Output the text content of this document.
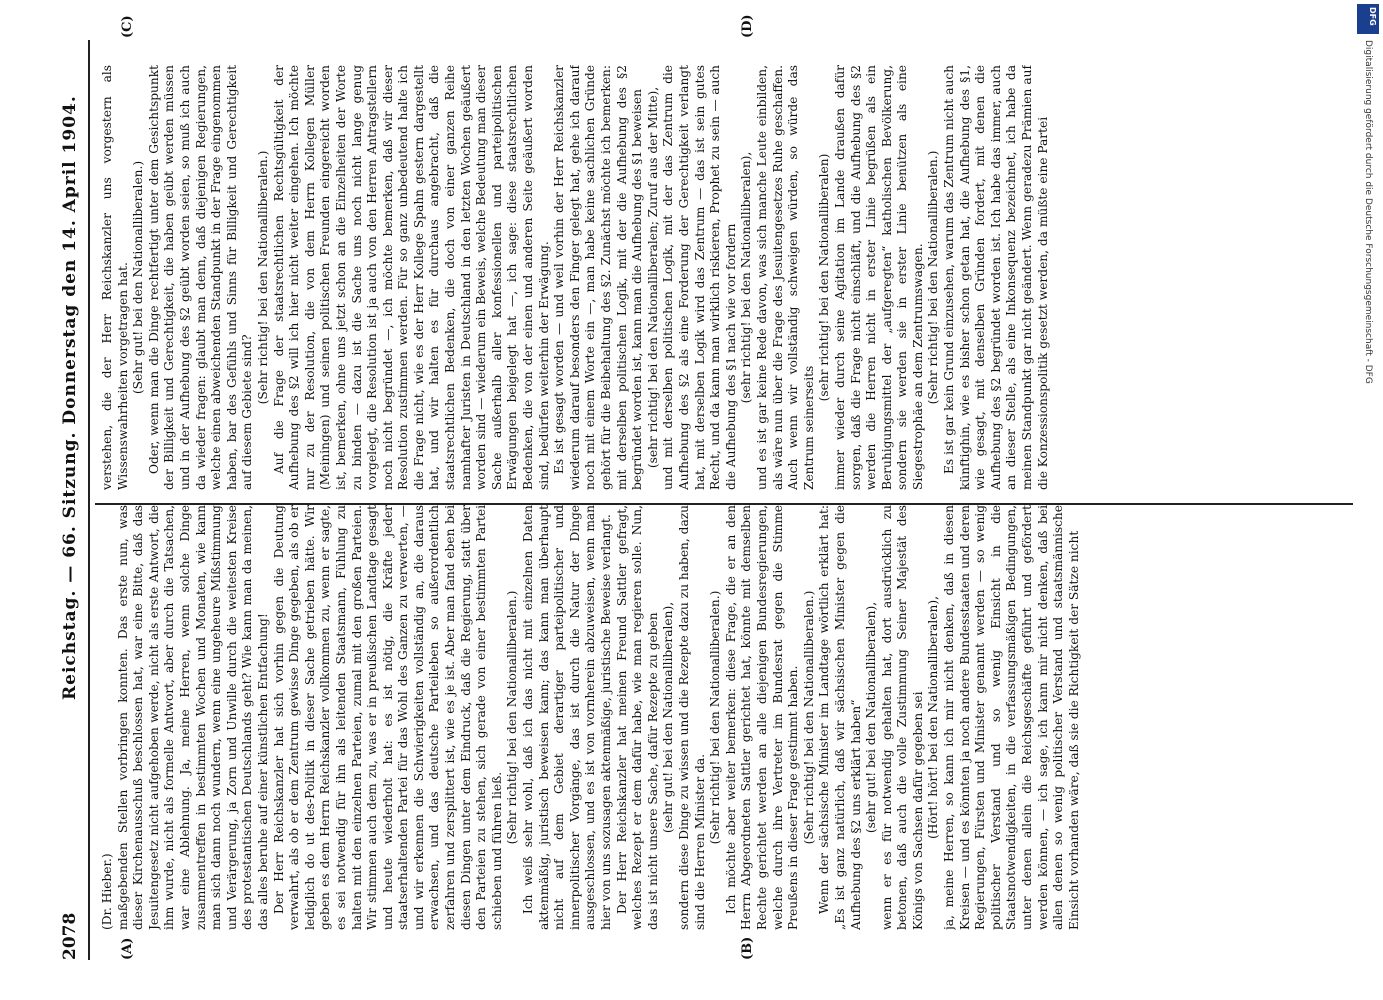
2078
Reichstag. — 66. Sitzung. Donnerstag den 14. April 1904.
(A)	(B)
(C)	(D)

(Dr. Hieber.) maßgebenden Stellen vorbringen konnten. Das erste nun, was dieser Kirchenausschuß beschlossen hat, war eine Bitte, daß das Jesuitengesetz nicht aufgehoben werde, nicht als erste Antwort, die ihm wurde, nicht als formelle Antwort, aber durch die Tatsachen, war eine Ablehnung. Ja, meine Herren, wenn solche Dinge zusammentreffen in bestimmten Wochen und Monaten, wie kann man sich dann noch wundern, wenn eine ungeheure Mißstimmung und Verärgerung, ja Zorn und Unwille durch die weitesten Kreise des protestantischen Deutschlands geht? Wie kann man da meinen, das alles beruhe auf einer künstlichen Entfachung! Der Herr Reichskanzler hat sich vorhin gegen die Deutung verwahrt, als ob er dem Zentrum gewisse Dinge gegeben, als ob er lediglich do ut des-Politik in dieser Sache getrieben hätte. Wir geben es dem Herrn Reichskanzler vollkommen zu, wenn er sagte, es sei notwendig für ihn als leitenden Staatsmann, Fühlung zu halten mit den einzelnen Parteien, zumal mit den großen Parteien. Wir stimmen auch dem zu, was er in preußischen Landtage gesagt und heute wiederholt hat: es ist nötig, die Kräfte jeder staatserhaltenden Partei für das Wohl des Ganzen zu verwerten, — und wir erkennen die Schwierigkeiten vollständig an, die daraus erwachsen, und das deutsche Parteileben so außerordentlich zerfahren und zersplittert ist, wie es je ist. Aber man fand eben bei diesen Dingen unter dem Eindruck, daß die Regierung, statt über den Parteien zu stehen, sich gerade von einer bestimmten Partei schieben und führen ließ.

(Sehr richtig! bei den Nationalliberalen.) Ich weiß sehr wohl, daß ich das nicht mit einzelnen Daten aktenmäßig, juristisch beweisen kann; das kann man überhaupt nicht auf dem Gebiet derartiger parteipolitischer und innerpolitischer Vorgänge, das ist durch die Natur der Dinge ausgeschlossen, und es ist von vornherein abzuweisen, wenn man hier von uns sozusagen aktenmäßige, juristische Beweise verlangt. Der Herr Reichskanzler hat meinen Freund Sattler gefragt, welches Rezept er dem dafür habe, wie man regieren solle. Nun, das ist nicht unsere Sache, dafür Rezepte zu geben (sehr gut! bei den Nationalliberalen), sondern diese Dinge zu wissen und die Rezepte dazu zu haben, dazu sind die Herren Minister da. (Sehr richtig! bei den Nationalliberalen.) Ich möchte aber weiter bemerken: diese Frage, die er an den Herrn Abgeordneten Sattler gerichtet hat, könnte mit demselben Rechte gerichtet werden an alle diejenigen Bundesregierungen, welche durch ihre Vertreter im Bundesrat gegen die Stimme Preußens in dieser Frage gestimmt haben. (Sehr richtig! bei den Nationalliberalen.) Wenn der sächsische Minister im Landtage wörtlich erklärt hat: „Es ist ganz natürlich, daß wir sächsischen Minister gegen die Aufhebung des §2 uns erklärt haben“ (sehr gut! bei den Nationalliberalen), wenn er es für notwendig gehalten hat, dort ausdrücklich zu betonen, daß auch die volle Zustimmung Seiner Majestät des Königs von Sachsen dafür gegeben sei (Hört! hört! bei den Nationalliberalen), ja, meine Herren, so kann ich mir nicht denken, daß in diesen Kreisen — und es könnten ja noch andere Bundesstaaten und deren Regierungen, Fürsten und Minister genannt werden — so wenig politischer Verstand und so wenig Einsicht in die Staatsnotwendigkeiten, in die verfassungsmäßigen Bedingungen, unter denen allein die Reichsgeschäfte geführt und gefördert werden können, — ich sage, ich kann mir nicht denken, daß bei allen denen so wenig politischer Verstand und staatsmännische Einsicht vorhanden wäre, daß sie die Richtigkeit der Sätze nicht

verstehen, die der Herr Reichskanzler uns vorgestern als Wissenswahrheiten vorgetragen hat. (Sehr gut! bei den Nationalliberalen.) Oder, wenn man die Dinge rechtfertigt unter dem Gesichtspunkt der Billigkeit und Gerechtigkeit, die haben geübt werden müssen und in der Aufhebung des §2 geübt worden seien, so muß ich auch da wieder fragen: glaubt man denn, daß diejenigen Regierungen, welche einen abweichenden Standpunkt in der Frage eingenommen haben, bar des Gefühls und Sinns für Billigkeit und Gerechtigkeit auf diesem Gebiete sind?

(Sehr richtig! bei den Nationalliberalen.) Auf die Frage der staatsrechtlichen Rechtsgültigkeit der Aufhebung des §2 will ich hier nicht weiter eingehen. Ich möchte nur zu der Resolution, die von dem Herrn Kollegen Müller (Meiningen) und seinen politischen Freunden eingereicht worden ist, bemerken, ohne uns jetzt schon an die Einzelheiten der Worte zu binden — dazu ist die Sache uns noch nicht lange genug vorgelegt, die Resolution ist ja auch von den Herren Antragstellern noch nicht begründet —, ich möchte bemerken, daß wir dieser Resolution zustimmen werden. Für so ganz unbedeutend halte ich die Frage nicht, wie es der Herr Kollege Spahn gestern dargestellt hat, und wir halten es für durchaus angebracht, daß die staatsrechtlichen Bedenken, die doch von einer ganzen Reihe namhafter Juristen in Deutschland in den letzten Wochen geäußert worden sind — wiederum ein Beweis, welche Bedeutung man dieser Sache außerhalb aller konfessionellen und parteipolitischen Erwägungen beigelegt hat —, ich sage: diese staatsrechtlichen Bedenken, die von der einen und anderen Seite geäußert worden sind, bedürfen weiterhin der Erwägung. Es ist gesagt worden — und weil vorhin der Herr Reichskanzler wiederum darauf besonders den Finger gelegt hat, gehe ich darauf noch mit einem Worte ein —, man habe keine sachlichen Gründe gehört für die Beibehaltung des §2. Zunächst möchte ich bemerken: mit derselben politischen Logik, mit der die Aufhebung des §2 begründet worden ist, kann man die Aufhebung des §1 beweisen (sehr richtig! bei den Nationalliberalen; Zuruf aus der Mitte), und mit derselben politischen Logik, mit der das Zentrum die Aufhebung des §2 als eine Forderung der Gerechtigkeit verlangt hat, mit derselben Logik wird das Zentrum — das ist sein gutes Recht, und da kann man wirklich riskieren, Prophet zu sein — auch die Aufhebung des §1 nach wie vor fordern (sehr richtig! bei den Nationalliberalen), und es ist gar keine Rede davon, was sich manche Leute einbilden, als wäre nun über die Frage des Jesuitengesetzes Ruhe geschaffen. Auch wenn wir vollständig schweigen würden, so würde das Zentrum seinerseits

(sehr richtig! bei den Nationalliberalen) immer wieder durch seine Agitation im Lande draußen dafür sorgen, daß die Frage nicht einschläft, und die Aufhebung des §2 werden die Herren nicht in erster Linie begrüßen als ein Beruhigungsmittel der „aufgeregten“ katholischen Bevölkerung, sondern sie werden sie in erster Linie benützen als eine Siegestrophäe an dem Zentrumswagen. (Sehr richtig! bei den Nationalliberalen.) Es ist gar kein Grund einzusehen, warum das Zentrum nicht auch künftighin, wie es bisher schon getan hat, die Aufhebung des §1, wie gesagt, mit denselben Gründen fordert, mit denen die Aufhebung des §2 begründet worden ist. Ich habe das immer, auch an dieser Stelle, als eine Inkonsequenz bezeichnet, ich habe da meinen Standpunkt gar nicht geändert. Wenn geradezu Prämien auf die Konzessionspolitik gesetzt werden, da müßte eine Partei

DFG
Digitalisierung gefördert durch die Deutsche Forschungsgemeinschaft - DFG
